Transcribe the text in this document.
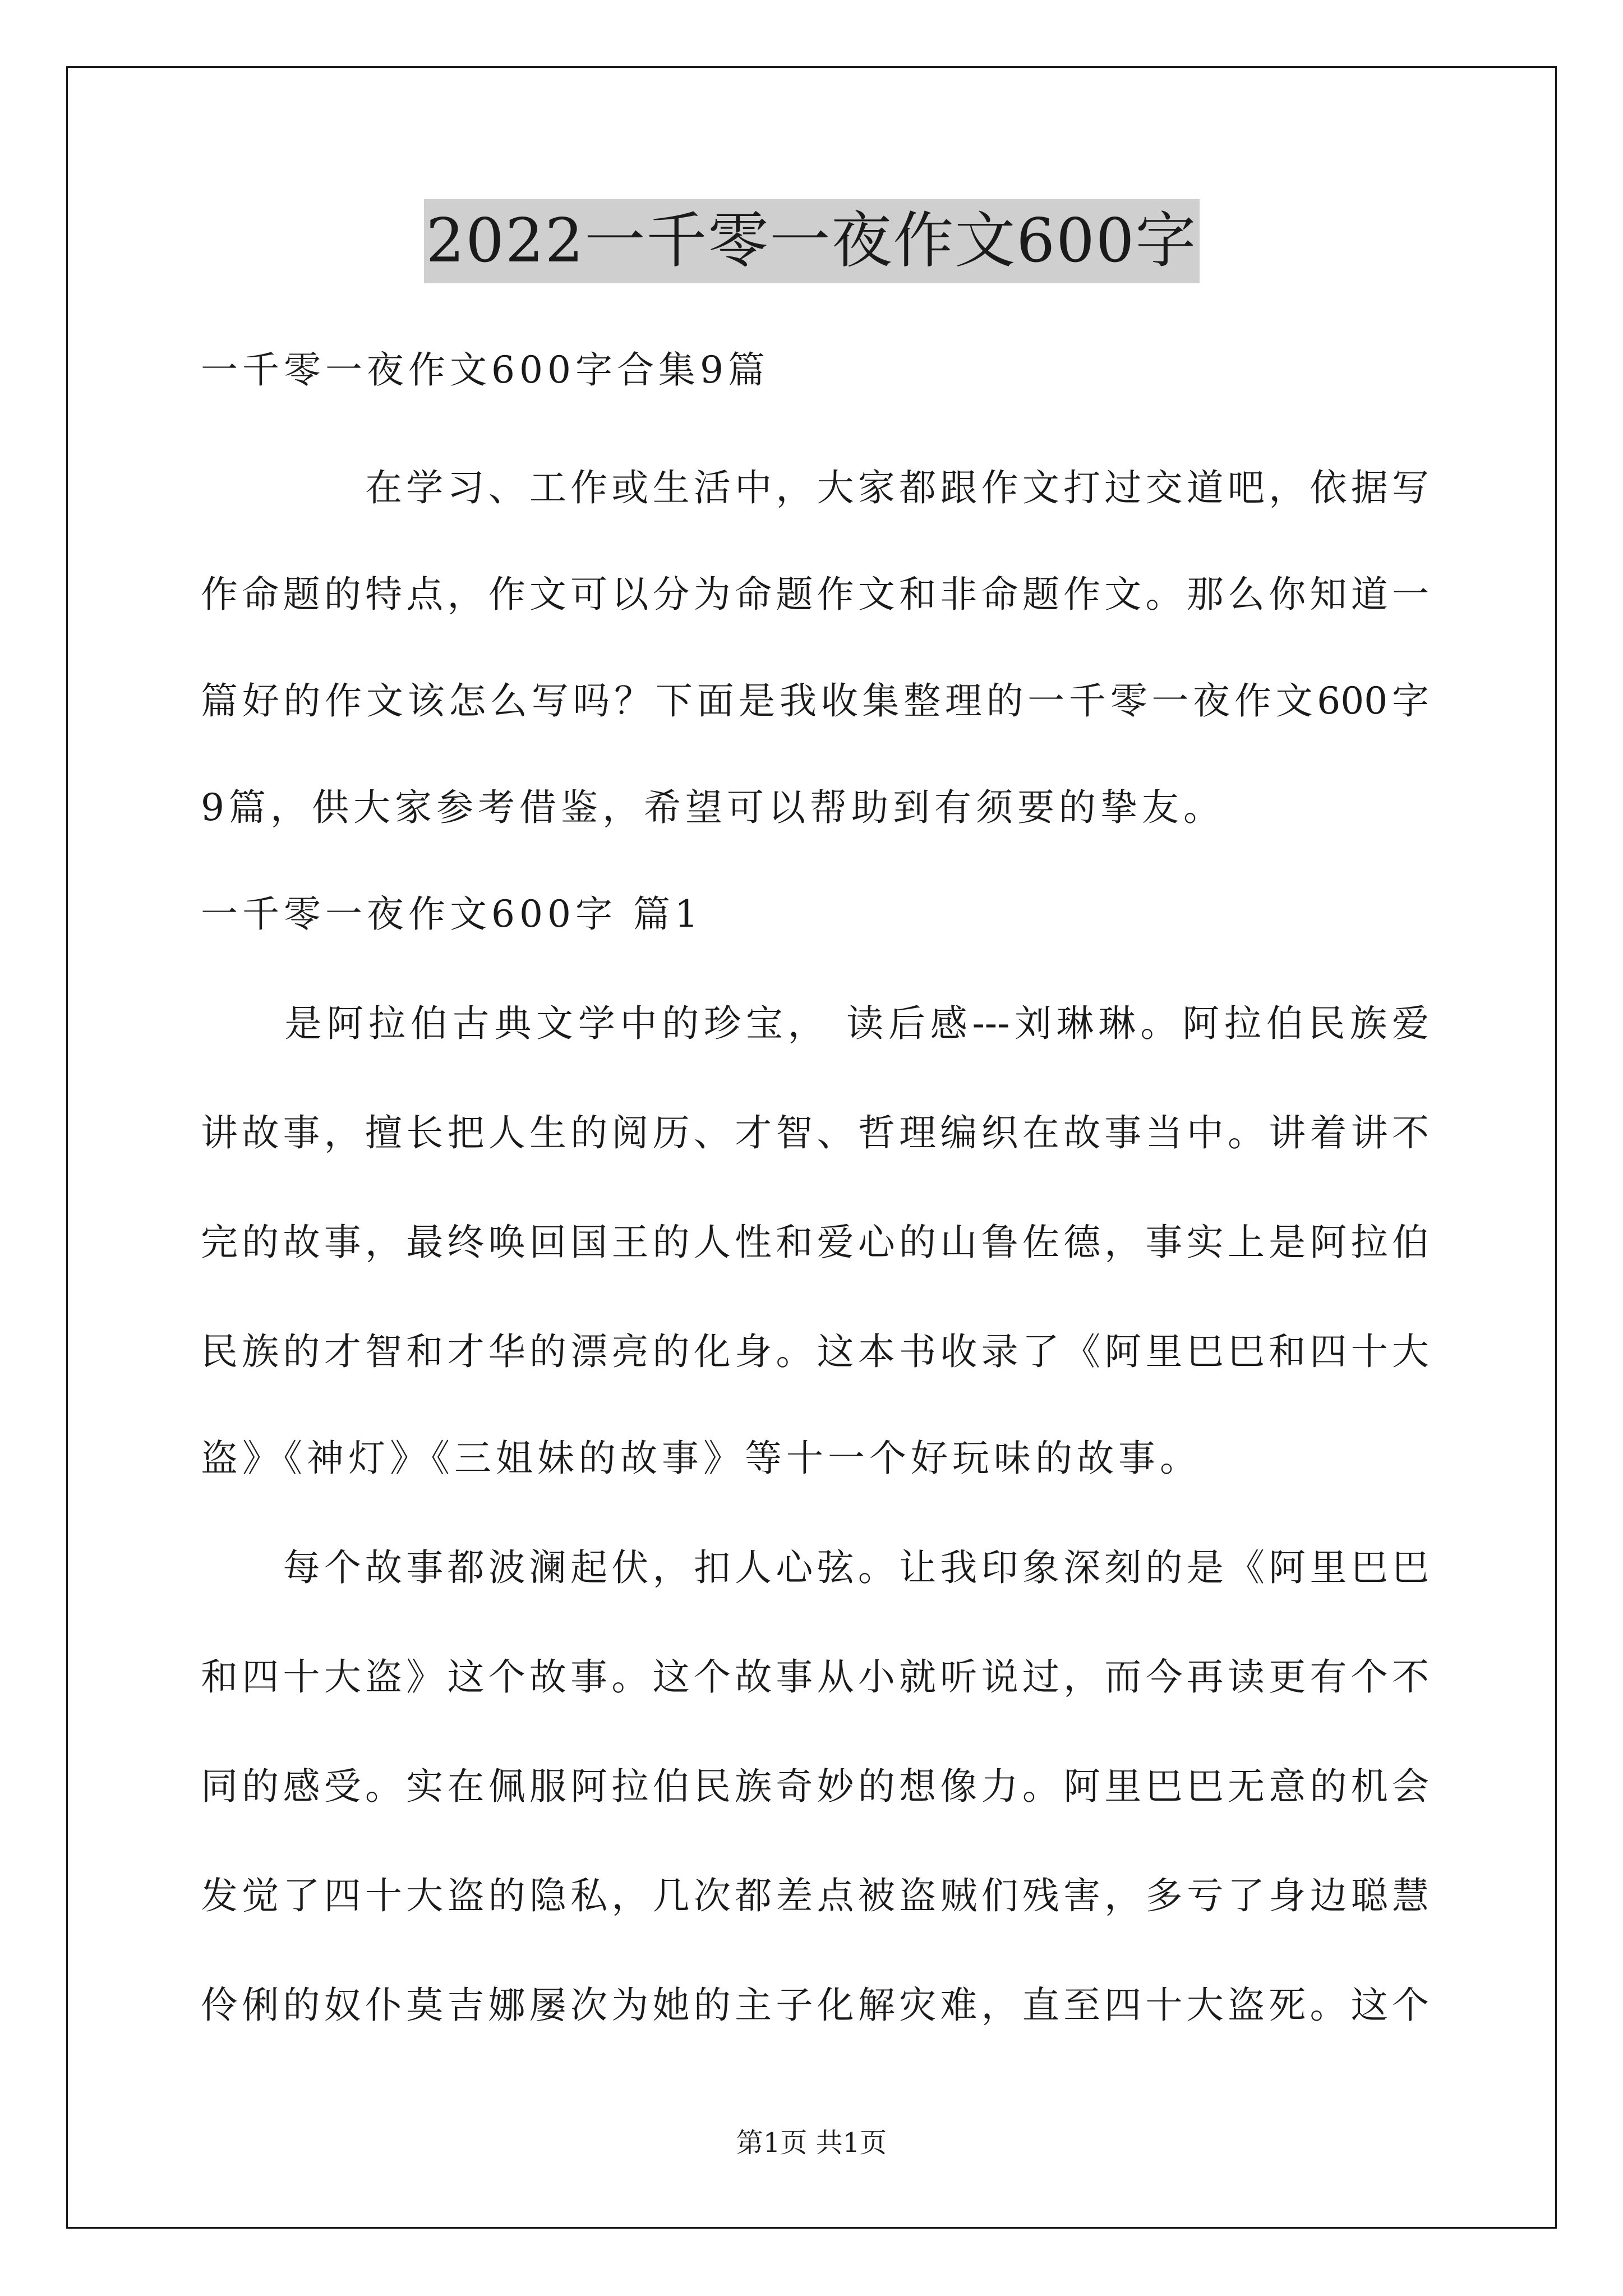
2022一千零一夜作文600字
一千零一夜作文600字合集9篇
　　　　在学习、工作或生活中，大家都跟作文打过交道吧，依据写
作命题的特点，作文可以分为命题作文和非命题作文。那么你知道一
篇好的作文该怎么写吗？下面是我收集整理的一千零一夜作文600字
9篇，供大家参考借鉴，希望可以帮助到有须要的挚友。
一千零一夜作文600字 篇1
　　是阿拉伯古典文学中的珍宝， 读后感---刘琳琳。阿拉伯民族爱
讲故事，擅长把人生的阅历、才智、哲理编织在故事当中。讲着讲不
完的故事，最终唤回国王的人性和爱心的山鲁佐德，事实上是阿拉伯
民族的才智和才华的漂亮的化身。这本书收录了《阿里巴巴和四十大
盗》《神灯》《三姐妹的故事》等十一个好玩味的故事。
　　每个故事都波澜起伏，扣人心弦。让我印象深刻的是《阿里巴巴
和四十大盗》这个故事。这个故事从小就听说过，而今再读更有个不
同的感受。实在佩服阿拉伯民族奇妙的想像力。阿里巴巴无意的机会
发觉了四十大盗的隐私，几次都差点被盗贼们残害，多亏了身边聪慧
伶俐的奴仆莫吉娜屡次为她的主子化解灾难，直至四十大盗死。这个
第1页 共1页
